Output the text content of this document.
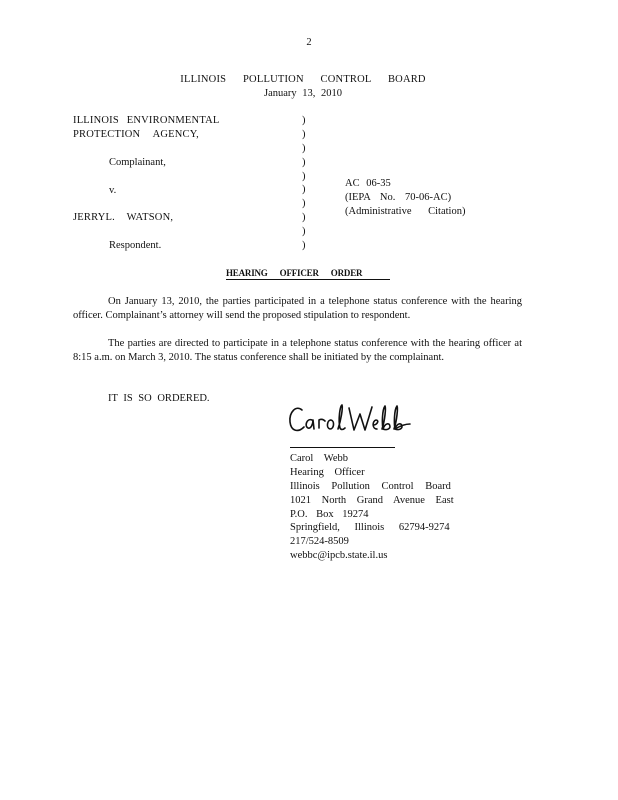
2
ILLINOIS POLLUTION CONTROL BOARD
January 13, 2010
ILLINOIS ENVIRONMENTAL
PROTECTION AGENCY,
Complainant,
v.
JERRYL. WATSON,
Respondent.
)
)
)
)
)
)
)
)
)
)
AC 06-35
(IEPA No. 70-06-AC)
(Administrative Citation)
HEARING OFFICER ORDER
On January 13, 2010, the parties participated in a telephone status conference with the hearing officer. Complainant’s attorney will send the proposed stipulation to respondent.
The parties are directed to participate in a telephone status conference with the hearing officer at 8:15 a.m. on March 3, 2010. The status conference shall be initiated by the complainant.
IT IS SO ORDERED.
Carol Webb
Hearing Officer
Illinois Pollution Control Board
1021 North Grand Avenue East
P.O. Box 19274
Springfield, Illinois 62794-9274
217/524-8509
webbc@ipcb.state.il.us
